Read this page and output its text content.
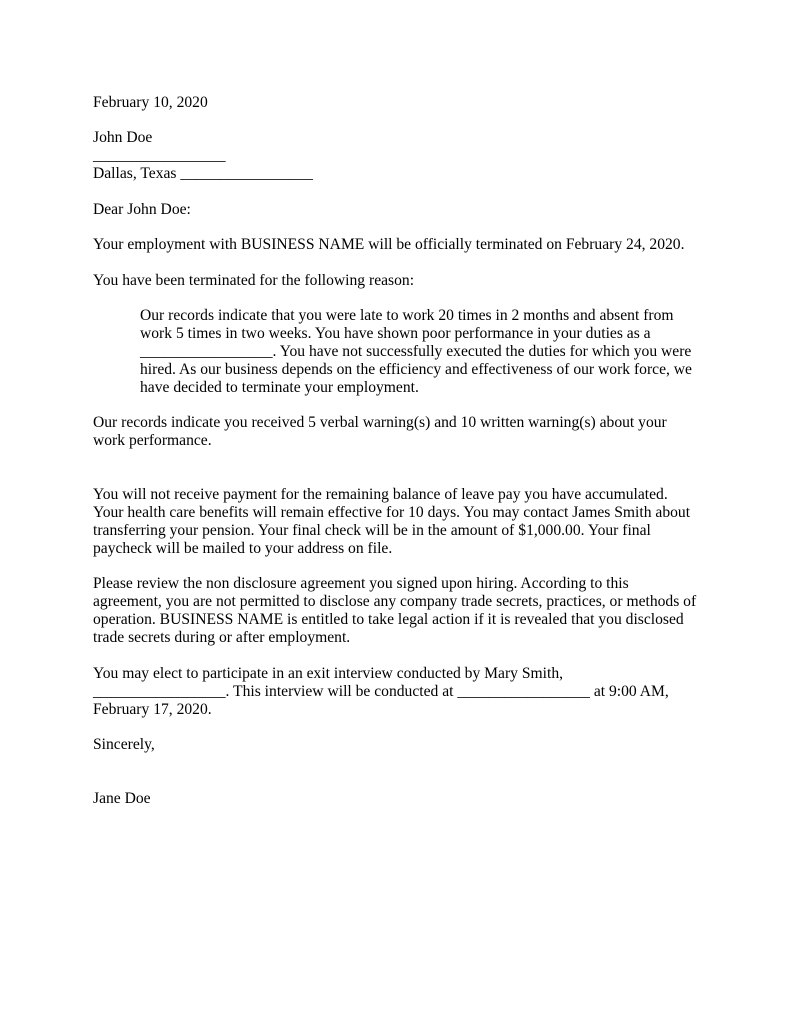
February 10, 2020
John Doe
_________________
Dallas, Texas _________________
Dear John Doe:
Your employment with BUSINESS NAME will be officially terminated on February 24, 2020.
You have been terminated for the following reason:
Our records indicate that you were late to work 20 times in 2 months and absent from
work 5 times in two weeks. You have shown poor performance in your duties as a
_________________. You have not successfully executed the duties for which you were
hired. As our business depends on the efficiency and effectiveness of our work force, we
have decided to terminate your employment.
Our records indicate you received 5 verbal warning(s) and 10 written warning(s) about your
work performance.
You will not receive payment for the remaining balance of leave pay you have accumulated.
Your health care benefits will remain effective for 10 days. You may contact James Smith about
transferring your pension. Your final check will be in the amount of $1,000.00. Your final
paycheck will be mailed to your address on file.
Please review the non disclosure agreement you signed upon hiring. According to this
agreement, you are not permitted to disclose any company trade secrets, practices, or methods of
operation. BUSINESS NAME is entitled to take legal action if it is revealed that you disclosed
trade secrets during or after employment.
You may elect to participate in an exit interview conducted by Mary Smith,
_________________. This interview will be conducted at _________________ at 9:00 AM,
February 17, 2020.
Sincerely,
Jane Doe
